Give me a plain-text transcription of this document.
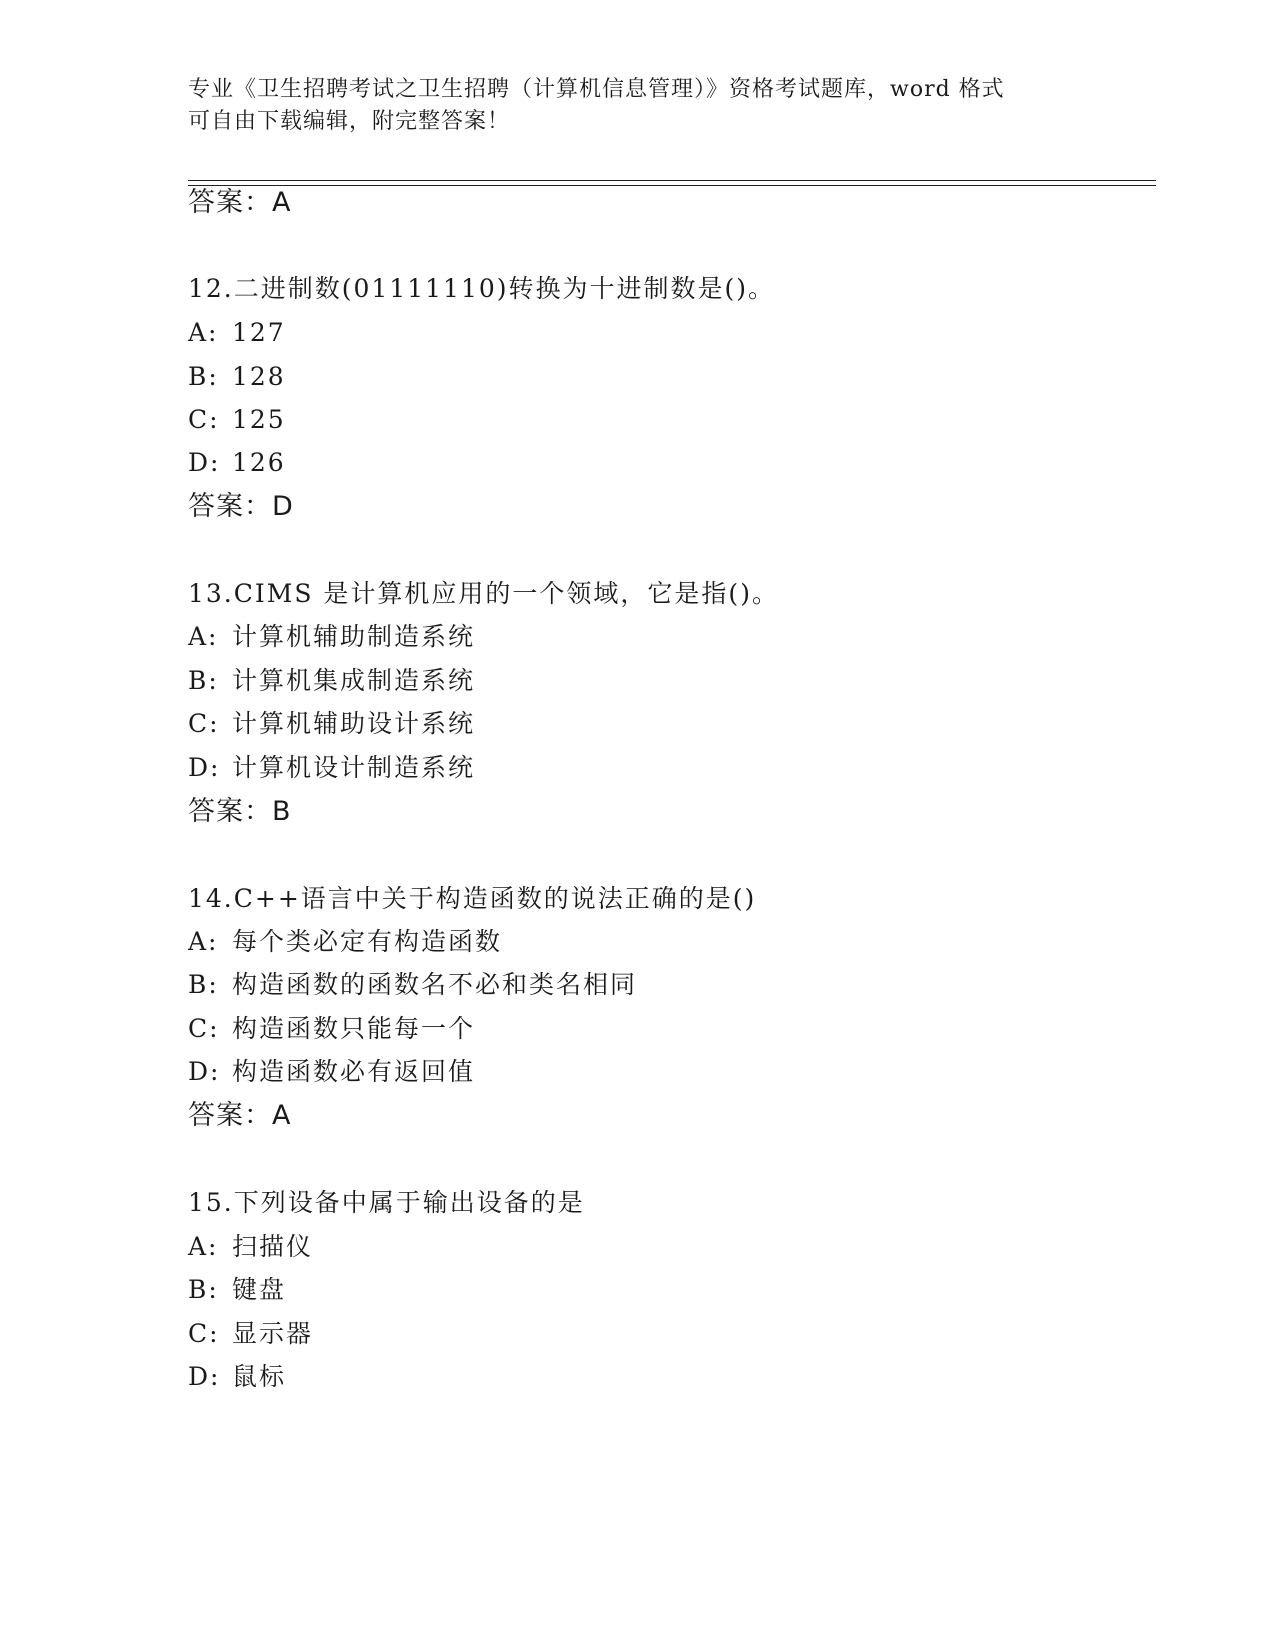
专业《卫生招聘考试之卫生招聘（计算机信息管理）》资格考试题库，word 格式
可自由下载编辑，附完整答案！
答案：A
12.二进制数(01111110)转换为十进制数是()。
A: 127
B: 128
C: 125
D: 126
答案：D
13.CIMS 是计算机应用的一个领域，它是指()。
A: 计算机辅助制造系统
B: 计算机集成制造系统
C: 计算机辅助设计系统
D: 计算机设计制造系统
答案：B
14.C++语言中关于构造函数的说法正确的是()
A: 每个类必定有构造函数
B: 构造函数的函数名不必和类名相同
C: 构造函数只能每一个
D: 构造函数必有返回值
答案：A
15.下列设备中属于输出设备的是
A: 扫描仪
B: 键盘
C: 显示器
D: 鼠标
